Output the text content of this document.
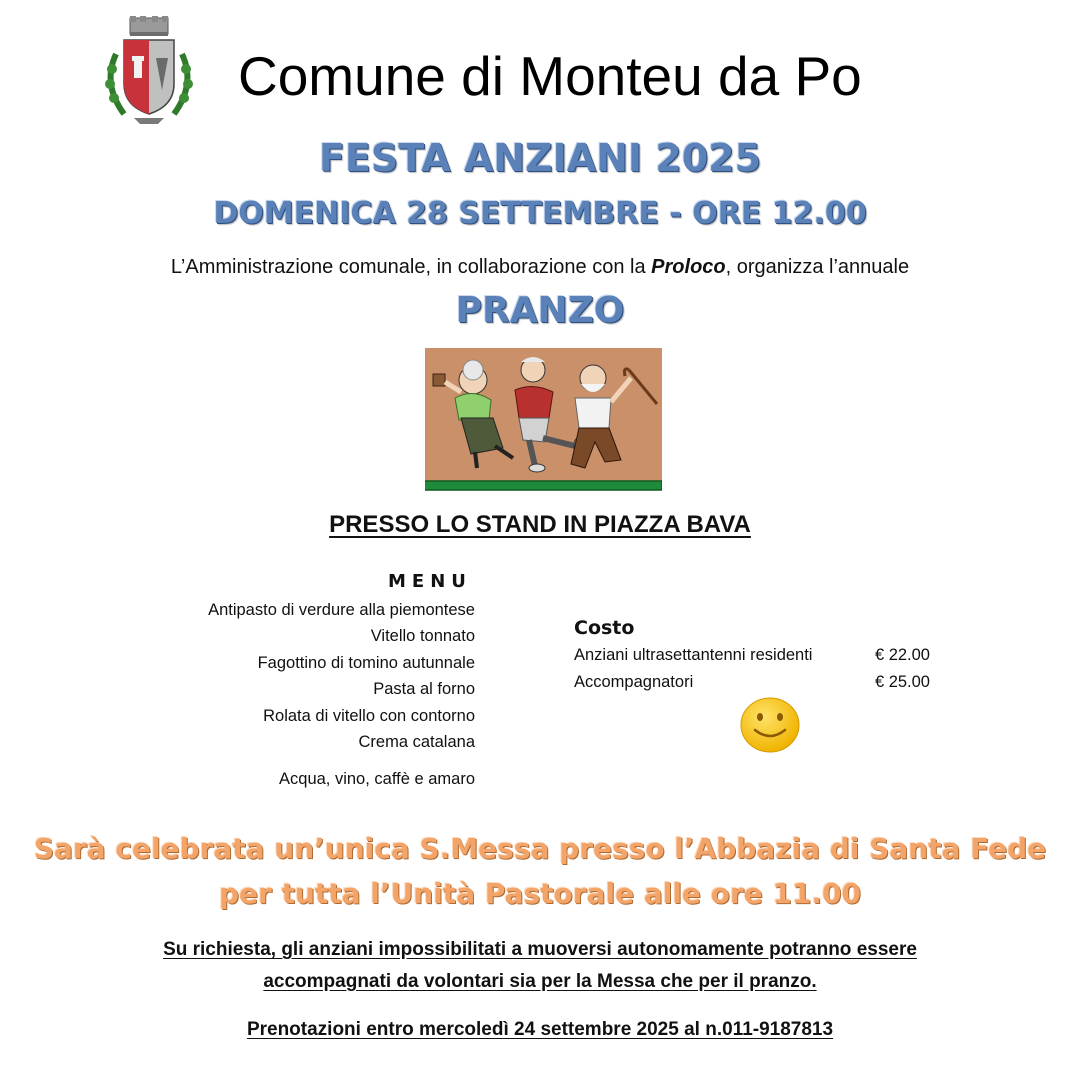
Comune di Monteu da Po
FESTA ANZIANI 2025
DOMENICA 28 SETTEMBRE - ORE 12.00
L’Amministrazione comunale, in collaborazione con la Proloco, organizza l’annuale
PRANZO
PRESSO LO STAND IN PIAZZA BAVA
MENU
Antipasto di verdure alla piemontese
Vitello tonnato
Fagottino di tomino autunnale
Pasta al forno
Rolata di vitello con contorno
Crema catalana
Acqua, vino, caffè e amaro
Costo
Anziani ultrasettantenni residenti	€ 22.00
Accompagnatori	€ 25.00
Sarà celebrata un’unica S.Messa presso l’Abbazia di Santa Fede
per tutta l’Unità Pastorale alle ore 11.00
Su richiesta, gli anziani impossibilitati a muoversi autonomamente potranno essere
accompagnati da volontari sia per la Messa che per il pranzo.
Prenotazioni entro mercoledì 24 settembre 2025 al n.011-9187813
